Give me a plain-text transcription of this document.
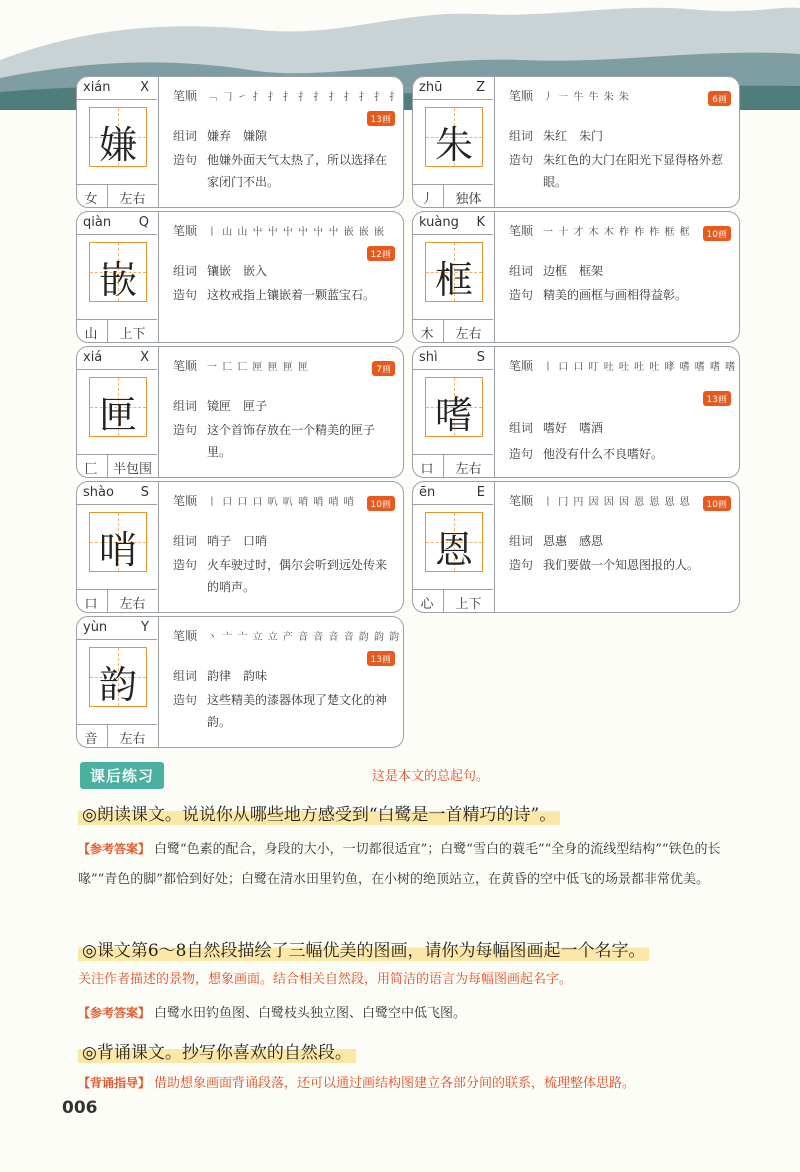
xián X
嫌
女	左右
笔顺 ﹁ 𠃌 ㇀ 扌 扌 扌 扌 扌 扌 扌 扌 扌 扌
13画
组词 嫌弃　嫌隙
造句 他嫌外面天气太热了，所以选择在家闭门不出。
zhū	Z
朱
丿	独体
笔顺 丿 ㇐ 牛 牛 朱 朱	6画
组词 朱红　朱门
造句 朱红色的大门在阳光下显得格外惹眼。
qiàn Q
嵌
山	上下
笔顺 丨 山 山 屮 屮 屮 屮 屮 屮 嵌 嵌 嵌
12画
组词 镶嵌　嵌入
造句 这枚戒指上镶嵌着一颗蓝宝石。
kuàng K
框
木	左右
笔顺 一 十 才 木 木 柞 柞 柞 框 框	10画
组词 边框　框架
造句 精美的画框与画相得益彰。
xiá	X
匣
匚	半包围
笔顺 一 匸 匸 匣 匣 匣 匣	7画
组词 镜匣　匣子
造句 这个首饰存放在一个精美的匣子里。
shì	S
嗜
口	左右
笔顺 丨 口 口 叮 吐 吐 吐 吐 哮 嗜 嗜 嗜 嗜
13画
组词 嗜好　嗜酒
造句 他没有什么不良嗜好。
shào S
哨
口	左右
笔顺 丨 口 口 口 叭 叭 哨 哨 哨 哨	10画
组词 哨子　口哨
造句 火车驶过时，偶尔会听到远处传来的哨声。
ēn	E
恩
心	上下
笔顺 丨 冂 円 因 因 因 恩 恩 恩 恩	10画
组词 恩惠　感恩
造句 我们要做一个知恩图报的人。
yùn	Y
韵
音	左右
笔顺 丶 亠 亠 立 立 产 音 音 音 音 韵 韵 韵
13画
组词 韵律　韵味
造句 这些精美的漆器体现了楚文化的神韵。
课后练习	这是本文的总起句。
◎朗读课文。说说你从哪些地方感受到“白鹭是一首精巧的诗”。
【参考答案】 白鹭“色素的配合，身段的大小，一切都很适宜”；白鹭“雪白的蓑毛”“全身的流线型结构”“铁色的长喙”“青色的脚”都恰到好处；白鹭在清水田里钓鱼，在小树的绝顶站立，在黄昏的空中低飞的场景都非常优美。
◎课文第6～8自然段描绘了三幅优美的图画，请你为每幅图画起一个名字。
关注作者描述的景物，想象画面。结合相关自然段，用简洁的语言为每幅图画起名字。
【参考答案】 白鹭水田钓鱼图、白鹭枝头独立图、白鹭空中低飞图。
◎背诵课文。抄写你喜欢的自然段。
【背诵指导】 借助想象画面背诵段落，还可以通过画结构图建立各部分间的联系，梳理整体思路。
006
